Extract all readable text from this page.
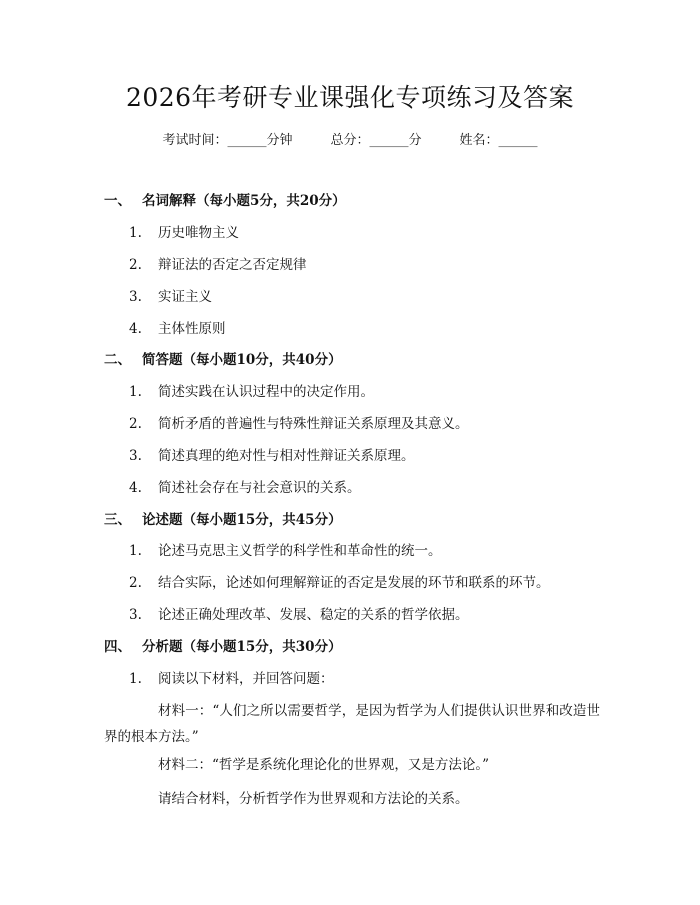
2026年考研专业课强化专项练习及答案
考试时间：______分钟	总分：______分	姓名：______
一、 名词解释（每小题5分，共20分）
1. 历史唯物主义
2. 辩证法的否定之否定规律
3. 实证主义
4. 主体性原则
二、 简答题（每小题10分，共40分）
1. 简述实践在认识过程中的决定作用。
2. 简析矛盾的普遍性与特殊性辩证关系原理及其意义。
3. 简述真理的绝对性与相对性辩证关系原理。
4. 简述社会存在与社会意识的关系。
三、 论述题（每小题15分，共45分）
1. 论述马克思主义哲学的科学性和革命性的统一。
2. 结合实际，论述如何理解辩证的否定是发展的环节和联系的环节。
3. 论述正确处理改革、发展、稳定的关系的哲学依据。
四、 分析题（每小题15分，共30分）
1. 阅读以下材料，并回答问题：
材料一：“人们之所以需要哲学，是因为哲学为人们提供认识世界和改造世界的根本方法。”
材料二：“哲学是系统化理论化的世界观，又是方法论。”
请结合材料，分析哲学作为世界观和方法论的关系。
